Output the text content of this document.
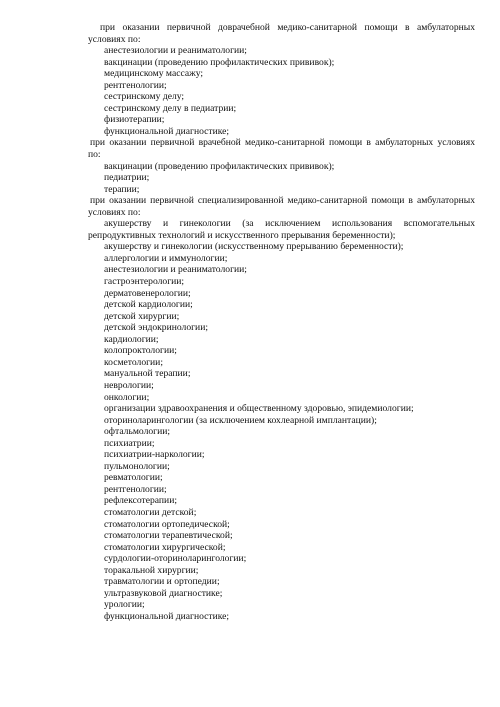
при оказании первичной доврачебной медико-санитарной помощи в амбулаторных условиях по:

анестезиологии и реаниматологии;

вакцинации (проведению профилактических прививок);

медицинскому массажу;

рентгенологии;

сестринскому делу;

сестринскому делу в педиатрии;

физиотерапии;

функциональной диагностике;

при оказании первичной врачебной медико-санитарной помощи в амбулаторных условиях по:

вакцинации (проведению профилактических прививок);

педиатрии;

терапии;

при оказании первичной специализированной медико-санитарной помощи в амбулаторных условиях по:

акушерству и гинекологии (за исключением использования вспомогательных репродуктивных технологий и искусственного прерывания беременности);

акушерству и гинекологии (искусственному прерыванию беременности);

аллергологии и иммунологии;

анестезиологии и реаниматологии;

гастроэнтерологии;

дерматовенерологии;

детской кардиологии;

детской хирургии;

детской эндокринологии;

кардиологии;

колопроктологии;

косметологии;

мануальной терапии;

неврологии;

онкологии;

организации здравоохранения и общественному здоровью, эпидемиологии;

оториноларингологии (за исключением кохлеарной имплантации);

офтальмологии;

психиатрии;

психиатрии-наркологии;

пульмонологии;

ревматологии;

рентгенологии;

рефлексотерапии;

стоматологии детской;

стоматологии ортопедической;

стоматологии терапевтической;

стоматологии хирургической;

сурдологии-оториноларингологии;

торакальной хирургии;

травматологии и ортопедии;

ультразвуковой диагностике;

урологии;

функциональной диагностике;
